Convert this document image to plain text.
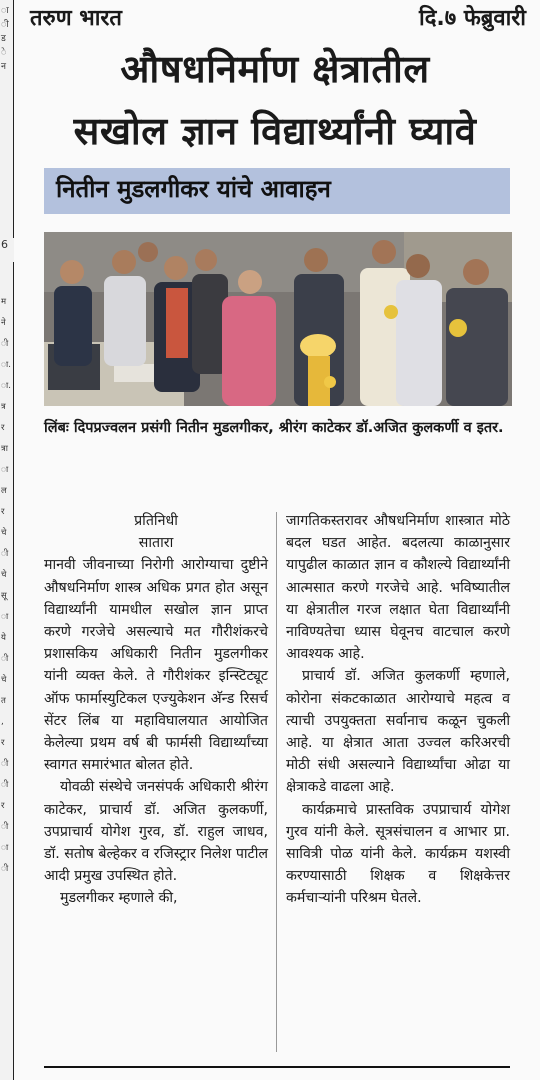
ा
ी
ड
े
न
6
म
ने
ी
ा.
ा.
त्र
र
त्रा
ा
ल
र
चे
ी
चे
सू
ा
ये
ी
चे
त
,
र
ी
ी
र
ी
ा
ी
तरुण भारत	दि.७ फेब्रुवारी
औषधनिर्माण क्षेत्रातील
सखोल ज्ञान विद्यार्थ्यांनी घ्यावे
नितीन मुडलगीकर यांचे आवाहन
लिंबः दिपप्रज्वलन प्रसंगी नितीन मुडलगीकर, श्रीरंग काटेकर डॉ.अजित कुलकर्णी व इतर.

प्रतिनिधी

सातारा

मानवी जीवनाच्या निरोगी आरोग्याचा दुष्टीने औषधनिर्माण शास्त्र अधिक प्रगत होत असून विद्यार्थ्यांनी यामधील सखोल ज्ञान प्राप्त करणे गरजेचे असल्याचे मत गौरीशंकरचे प्रशासकिय अधिकारी नितीन मुडलगीकर यांनी व्यक्त केले. ते गौरीशंकर इन्स्टिट्यूट ऑफ फार्मास्युटिकल एज्युकेशन अ‍ॅन्ड रिसर्च सेंटर लिंब या महाविघालयात आयोजित केलेल्या प्रथम वर्ष बी फार्मसी विद्यार्थ्यांच्या स्वागत समारंभात बोलत होते.

योवळी संस्थेचे जनसंपर्क अधिकारी श्रीरंग काटेकर, प्राचार्य डॉ. अजित कुलकर्णी, उपप्राचार्य योगेश गुरव, डॉ. राहुल जाधव, डॉ. सतोष बेल्हेकर व रजिस्ट्रार निलेश पाटील आदी प्रमुख उपस्थित होते.

मुडलगीकर म्हणाले की,

जागतिकस्तरावर औषधनिर्माण शास्त्रात मोठे बदल घडत आहेत. बदलत्या काळानुसार यापुढील काळात ज्ञान व कौशल्ये विद्यार्थ्यांनी आत्मसात करणे गरजेचे आहे. भविष्यातील या क्षेत्रातील गरज लक्षात घेता विद्यार्थ्यांनी नाविण्यतेचा ध्यास घेवूनच वाटचाल करणे आवश्यक आहे.

प्राचार्य डॉ. अजित कुलकर्णी म्हणाले, कोरोना संकटकाळात आरोग्याचे महत्व व त्याची उपयुक्तता सर्वानाच कळून चुकली आहे. या क्षेत्रात आता उज्वल करिअरची मोठी संधी असल्याने विद्यार्थ्यांचा ओढा या क्षेत्राकडे वाढला आहे.

कार्यक्रमाचे प्रास्तविक उपप्राचार्य योगेश गुरव यांनी केले. सूत्रसंचालन व आभार प्रा. सावित्री पोळ यांनी केले. कार्यक्रम यशस्वी करण्यासाठी शिक्षक व शिक्षकेत्तर कर्मचाऱ्यांनी परिश्रम घेतले.
